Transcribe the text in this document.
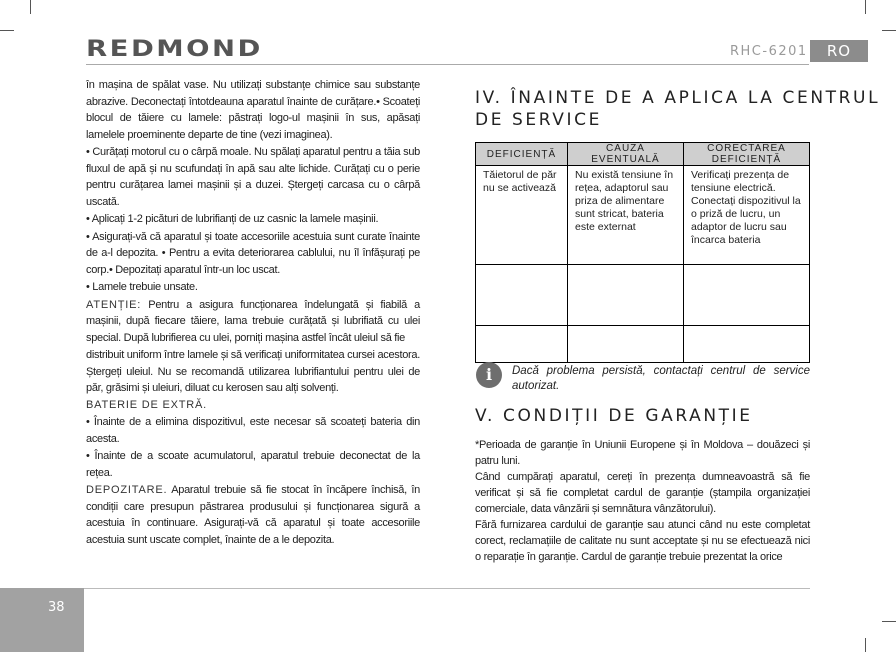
REDMOND	RHC-6201	RO

în mașina de spălat vase. Nu utilizați substanțe chimice sau substanțe abrazive. Deconectați întotdeauna aparatul înainte de curățare.• Scoateți blocul de tăiere cu lamele: păstrați logo-ul mașinii în sus, apăsați lamelele proeminente departe de tine (vezi imaginea).

• Curățați motorul cu o cârpă moale. Nu spălați aparatul pentru a tăia sub fluxul de apă și nu scufundați în apă sau alte lichide. Curățați cu o perie pentru curățarea lamei mașinii și a duzei. Ștergeți carcasa cu o cârpă uscată.

• Aplicați 1-2 picături de lubrifianți de uz casnic la lamele mașinii.

• Asigurați-vă că aparatul și toate accesoriile acestuia sunt curate înainte de a-l depozita. • Pentru a evita deteriorarea cablului, nu îl înfășurați pe corp.• Depozitați aparatul într-un loc uscat.

• Lamele trebuie unsate.

ATENȚIE: Pentru a asigura funcționarea îndelungată și fiabilă a mașinii, după fiecare tăiere, lama trebuie curățată și lubrifiată cu ulei special. După lubrifierea cu ulei, porniți mașina astfel încât uleiul să fie

distribuit uniform între lamele și să verificați uniformitatea cursei acestora. Ștergeți uleiul. Nu se recomandă utilizarea lubrifiantului pentru ulei de păr, grăsimi și uleiuri, diluat cu kerosen sau alți solvenți.

BATERIE DE EXTRĂ.

• Înainte de a elimina dispozitivul, este necesar să scoateți bateria din acesta.

• Înainte de a scoate acumulatorul, aparatul trebuie deconectat de la rețea.

DEPOZITARE. Aparatul trebuie să fie stocat în încăpere închisă, în condiții care presupun păstrarea produsului și funcționarea sigură a acestuia în continuare. Asigurați-vă că aparatul și toate accesoriile acestuia sunt uscate complet, înainte de a le depozita.

IV. ÎNAINTE DE A APLICA LA CENTRUL
DE SERVICE
DEFICIENȚĂ	CAUZĂ EVENTUALĂ	CORECTAREA DEFICIENȚĂ
Tăietorul de păr nu se activează	Nu există tensiune în rețea, adaptorul sau priza de alimentare sunt stricat, bateria este externat	Verificați prezența de tensiune electrică. Conectați dispozitivul la o priză de lucru, un adaptor de lucru sau încarca bateria

i	Dacă problema persistă, contactați centrul de service autorizat.
V. CONDIȚII DE GARANȚIE

*Perioada de garanție în Uniunii Europene și în Moldova – douăzeci și patru luni.

Când cumpărați aparatul, cereți în prezența dumneavoastră să fie verificat și să fie completat cardul de garanție (ștampila organizației comerciale, data vânzării și semnătura vânzătorului).

Fără furnizarea cardului de garanție sau atunci când nu este completat corect, reclamațiile de calitate nu sunt acceptate și nu se efectuează nici o reparație în garanție. Cardul de garanție trebuie prezentat la orice

38
